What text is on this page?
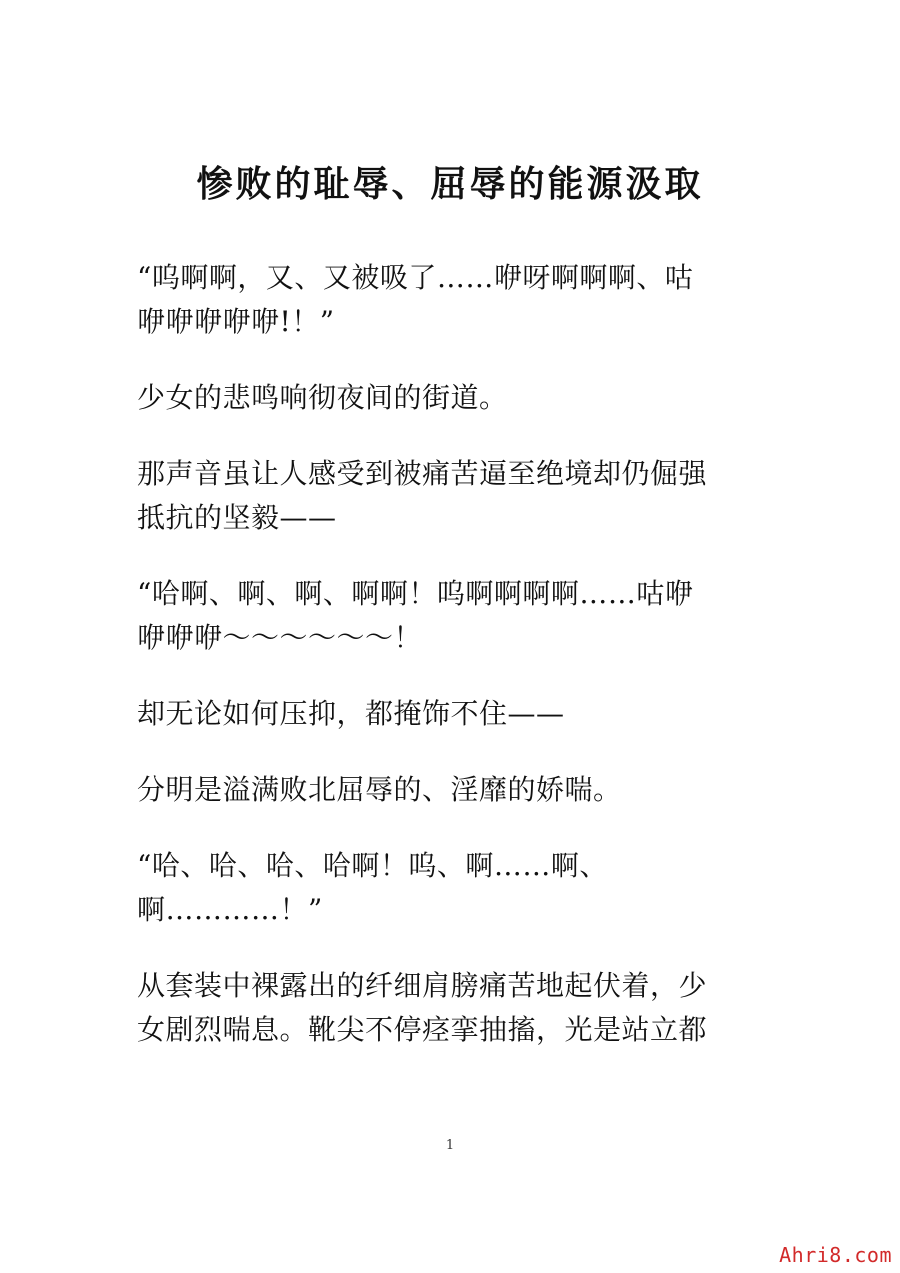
惨败的耻辱、屈辱的能源汲取

“呜啊啊，又、又被吸了……咿呀啊啊啊、咕
咿咿咿咿咿!！”

少女的悲鸣响彻夜间的街道。

那声音虽让人感受到被痛苦逼至绝境却仍倔强
抵抗的坚毅——

“哈啊、啊、啊、啊啊！呜啊啊啊啊……咕咿
咿咿咿～～～～～～！

却无论如何压抑，都掩饰不住——

分明是溢满败北屈辱的、淫靡的娇喘。

“哈、哈、哈、哈啊！呜、啊……啊、
啊…………！”

从套装中裸露出的纤细肩膀痛苦地起伏着，少
女剧烈喘息。靴尖不停痉挛抽搐，光是站立都

1
Ahri8.com
